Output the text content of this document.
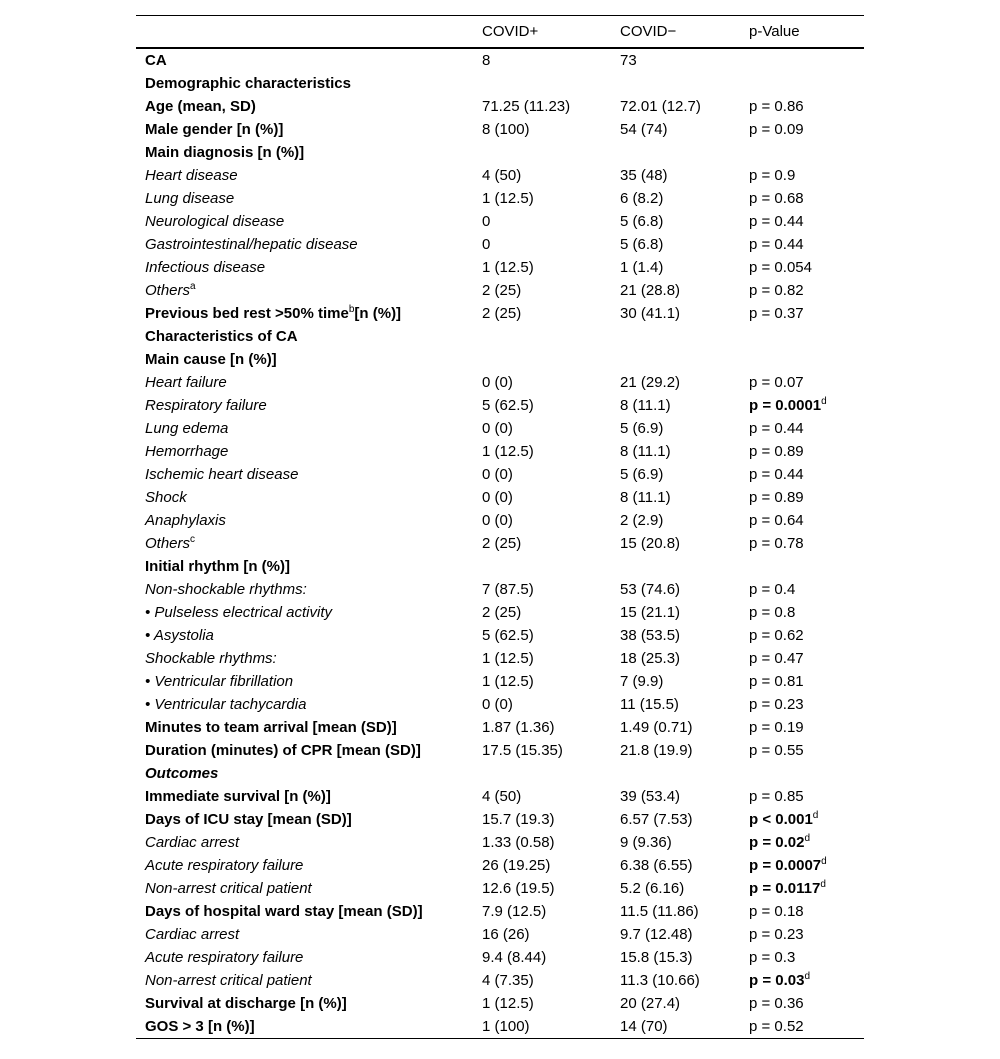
	COVID+	COVID−	p-Value
CA	8	73	
Demographic characteristics			
Age (mean, SD)	71.25 (11.23)	72.01 (12.7)	p = 0.86
Male gender [n (%)]	8 (100)	54 (74)	p = 0.09
Main diagnosis [n (%)]			
Heart disease	4 (50)	35 (48)	p = 0.9
Lung disease	1 (12.5)	6 (8.2)	p = 0.68
Neurological disease	0	5 (6.8)	p = 0.44
Gastrointestinal/hepatic disease	0	5 (6.8)	p = 0.44
Infectious disease	1 (12.5)	1 (1.4)	p = 0.054
Others$^a$	2 (25)	21 (28.8)	p = 0.82
Previous bed rest >50% time$^b$[n (%)]	2 (25)	30 (41.1)	p = 0.37
Characteristics of CA			
Main cause [n (%)]			
Heart failure	0 (0)	21 (29.2)	p = 0.07
Respiratory failure	5 (62.5)	8 (11.1)	p = 0.0001$^d$
Lung edema	0 (0)	5 (6.9)	p = 0.44
Hemorrhage	1 (12.5)	8 (11.1)	p = 0.89
Ischemic heart disease	0 (0)	5 (6.9)	p = 0.44
Shock	0 (0)	8 (11.1)	p = 0.89
Anaphylaxis	0 (0)	2 (2.9)	p = 0.64
Others$^c$	2 (25)	15 (20.8)	p = 0.78
Initial rhythm [n (%)]			
Non-shockable rhythms:	7 (87.5)	53 (74.6)	p = 0.4
• Pulseless electrical activity	2 (25)	15 (21.1)	p = 0.8
• Asystolia	5 (62.5)	38 (53.5)	p = 0.62
Shockable rhythms:	1 (12.5)	18 (25.3)	p = 0.47
• Ventricular fibrillation	1 (12.5)	7 (9.9)	p = 0.81
• Ventricular tachycardia	0 (0)	11 (15.5)	p = 0.23
Minutes to team arrival [mean (SD)]	1.87 (1.36)	1.49 (0.71)	p = 0.19
Duration (minutes) of CPR [mean (SD)]	17.5 (15.35)	21.8 (19.9)	p = 0.55
Outcomes			
Immediate survival [n (%)]	4 (50)	39 (53.4)	p = 0.85
Days of ICU stay [mean (SD)]	15.7 (19.3)	6.57 (7.53)	p < 0.001$^d$
Cardiac arrest	1.33 (0.58)	9 (9.36)	p = 0.02$^d$
Acute respiratory failure	26 (19.25)	6.38 (6.55)	p = 0.0007$^d$
Non-arrest critical patient	12.6 (19.5)	5.2 (6.16)	p = 0.0117$^d$
Days of hospital ward stay [mean (SD)]	7.9 (12.5)	11.5 (11.86)	p = 0.18
Cardiac arrest	16 (26)	9.7 (12.48)	p = 0.23
Acute respiratory failure	9.4 (8.44)	15.8 (15.3)	p = 0.3
Non-arrest critical patient	4 (7.35)	11.3 (10.66)	p = 0.03$^d$
Survival at discharge [n (%)]	1 (12.5)	20 (27.4)	p = 0.36
GOS > 3 [n (%)]	1 (100)	14 (70)	p = 0.52
